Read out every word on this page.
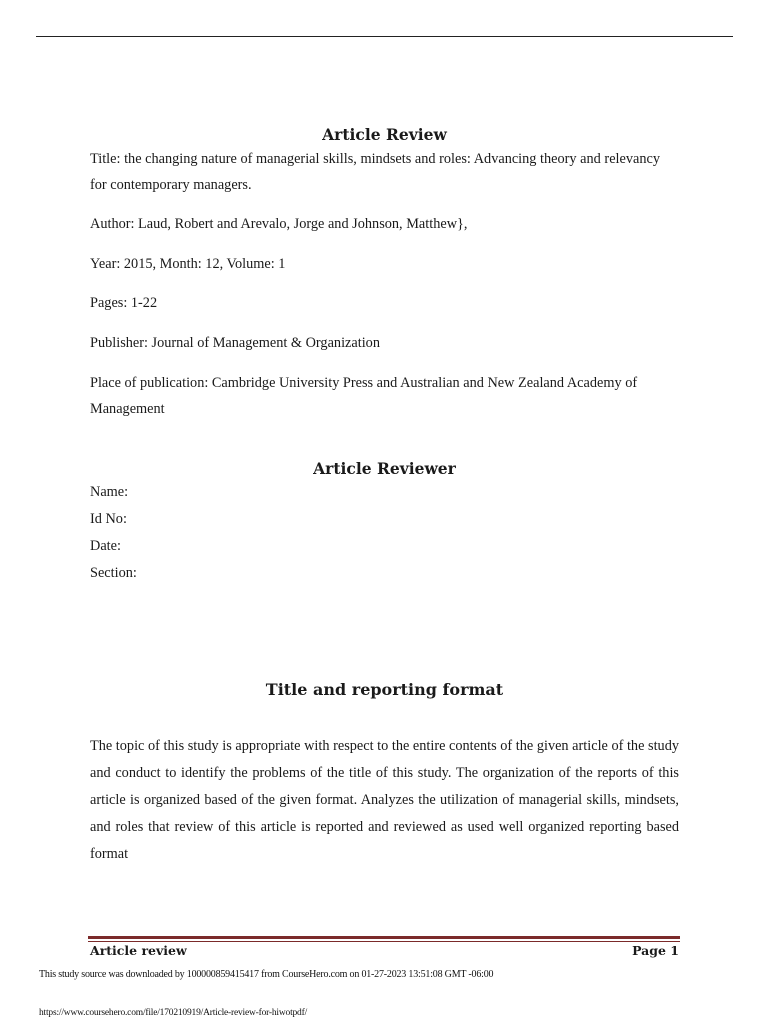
Article Review
Title: the changing nature of managerial skills, mindsets and roles: Advancing theory and relevancy for contemporary managers.
Author: Laud, Robert and Arevalo, Jorge and Johnson, Matthew},
Year: 2015, Month: 12, Volume: 1
Pages: 1-22
Publisher: Journal of Management & Organization
Place of publication: Cambridge University Press and Australian and New Zealand Academy of Management
Article Reviewer
Name:
Id No:
Date:
Section:
Title and reporting format
The topic of this study is appropriate with respect to the entire contents of the given article of the study and conduct to identify the problems of the title of this study. The organization of the reports of this article is organized based of the given format. Analyzes the utilization of managerial skills, mindsets, and roles that review of this article is reported and reviewed as used well organized reporting based format
Article review	Page 1
This study source was downloaded by 100000859415417 from CourseHero.com on 01-27-2023 13:51:08 GMT -06:00
https://www.coursehero.com/file/170210919/Article-review-for-hiwotpdf/
